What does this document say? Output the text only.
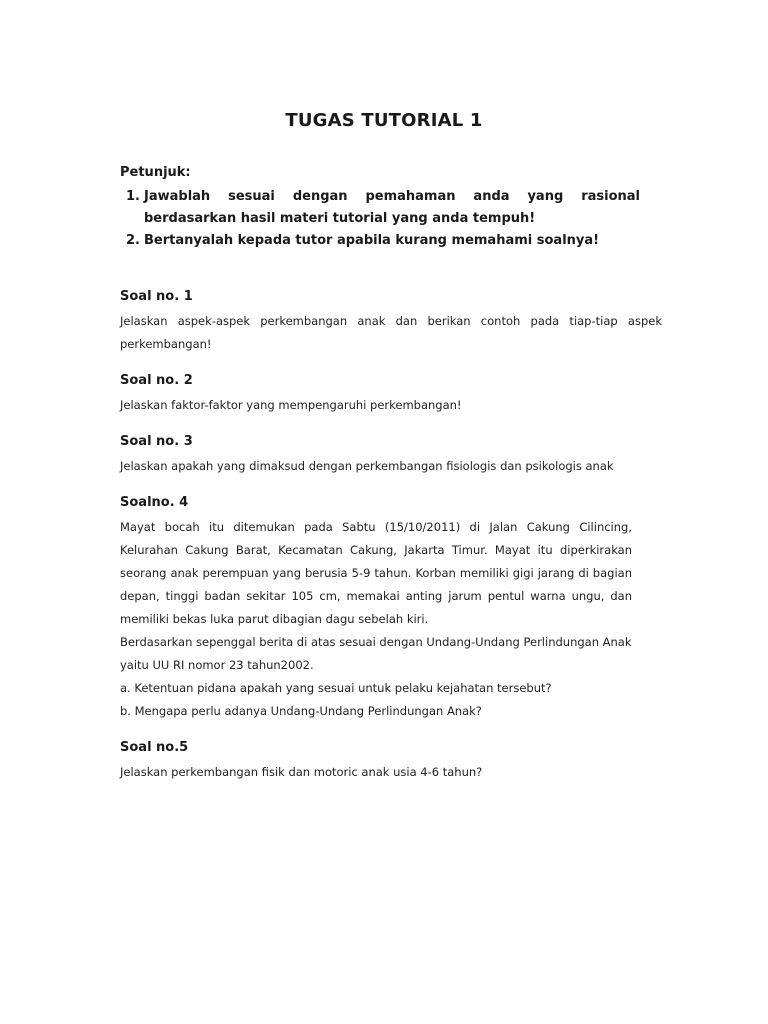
TUGAS TUTORIAL 1
Petunjuk:
1. Jawablah sesuai dengan pemahaman anda yang rasional berdasarkan hasil materi tutorial yang anda tempuh!
2. Bertanyalah kepada tutor apabila kurang memahami soalnya!
Soal no. 1

Jelaskan aspek-aspek perkembangan anak dan berikan contoh pada tiap-tiap aspek perkembangan!

Soal no. 2

Jelaskan faktor-faktor yang mempengaruhi perkembangan!

Soal no. 3

Jelaskan apakah yang dimaksud dengan perkembangan fisiologis dan psikologis anak

Soalno. 4

Mayat bocah itu ditemukan pada Sabtu (15/10/2011) di Jalan Cakung Cilincing, Kelurahan Cakung Barat, Kecamatan Cakung, Jakarta Timur. Mayat itu diperkirakan seorang anak perempuan yang berusia 5-9 tahun. Korban memiliki gigi jarang di bagian depan, tinggi badan sekitar 105 cm, memakai anting jarum pentul warna ungu, dan memiliki bekas luka parut dibagian dagu sebelah kiri.

Berdasarkan sepenggal berita di atas sesuai dengan Undang-Undang Perlindungan Anak yaitu UU RI nomor 23 tahun2002.

a. Ketentuan pidana apakah yang sesuai untuk pelaku kejahatan tersebut?

b. Mengapa perlu adanya Undang-Undang Perlindungan Anak?

Soal no.5

Jelaskan perkembangan fisik dan motoric anak usia 4-6 tahun?
